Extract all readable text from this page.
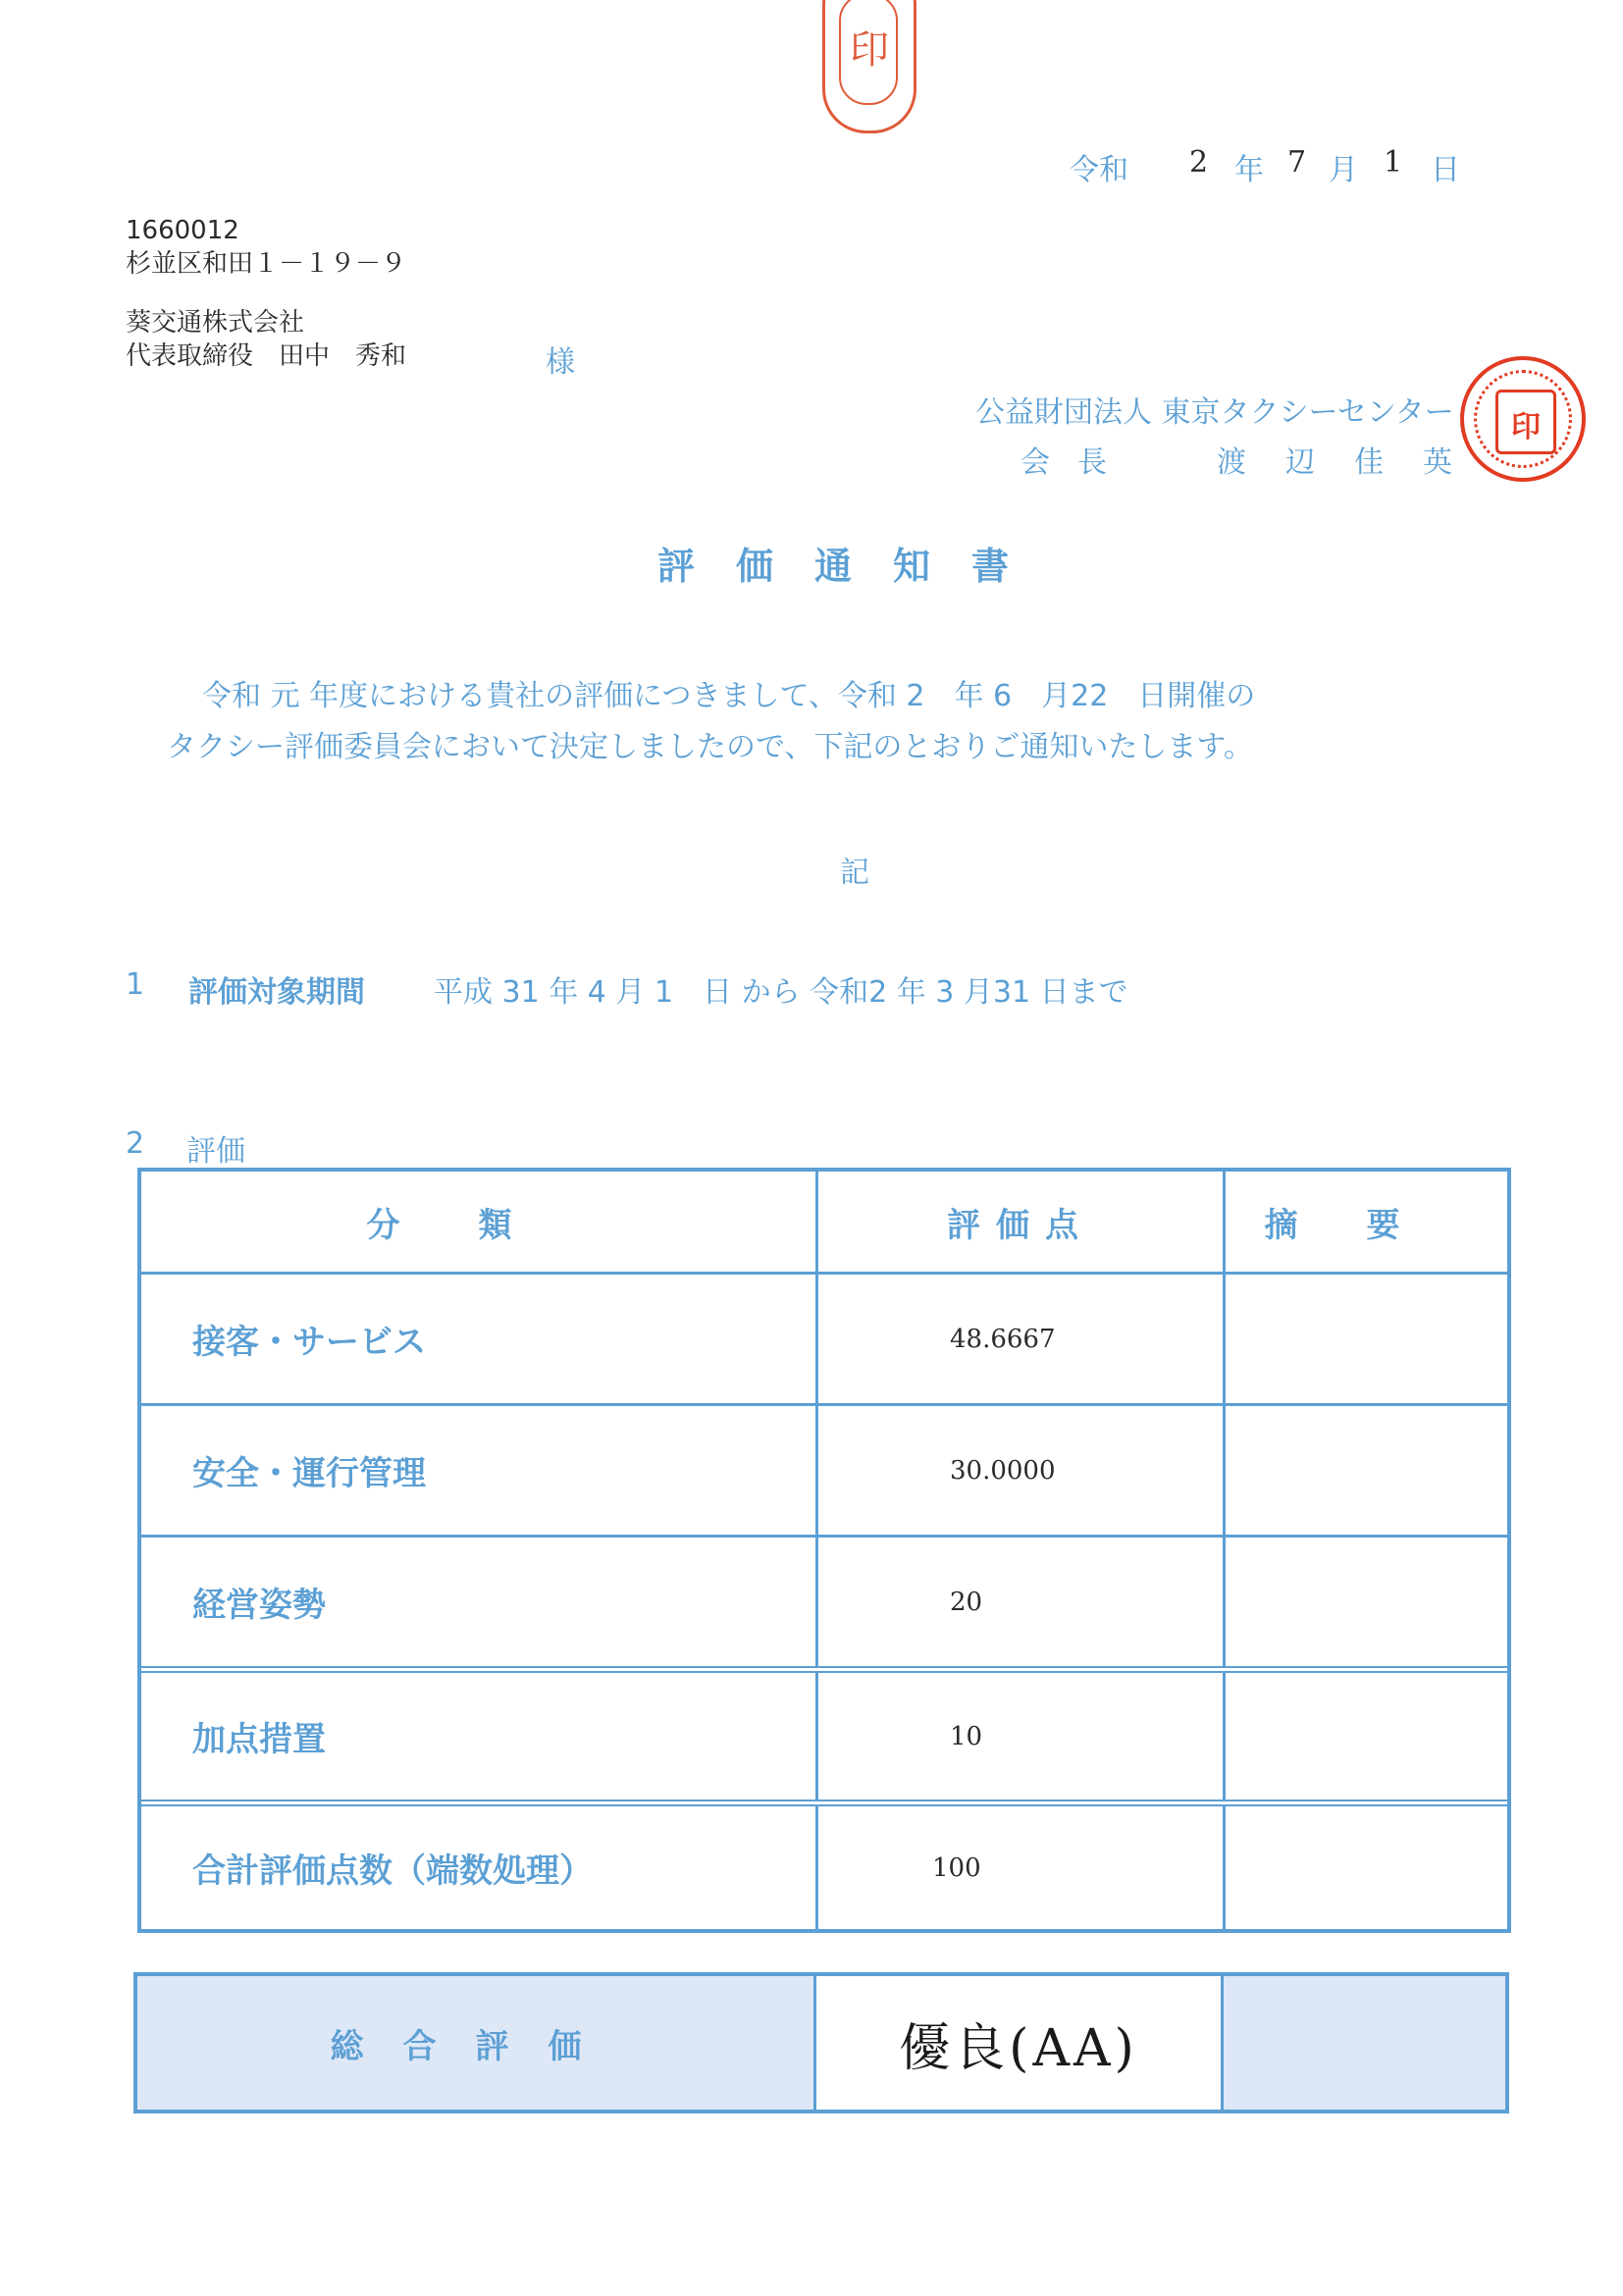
印
印
令和 2 年 7 月 1 日
1660012
杉並区和田１－１９－９
葵交通株式会社
代表取締役　田中　秀和	様
公益財団法人 東京タクシーセンター
会長	渡辺佳英
評価通知書
令和 元 年度における貴社の評価につきまして、令和 2　年 6　月22　日開催の
タクシー評価委員会において決定しましたので、下記のとおりご通知いたします。
記
1 評価対象期間 平成 31 年 4 月 1　日 から 令和2 年 3 月31 日まで
2 評価
分類	評価点	摘要
接客・サービス	48.6667
安全・運行管理	30.0000
経営姿勢	20
加点措置	10
合計評価点数（端数処理）	100
総合評価	優良(AA)
